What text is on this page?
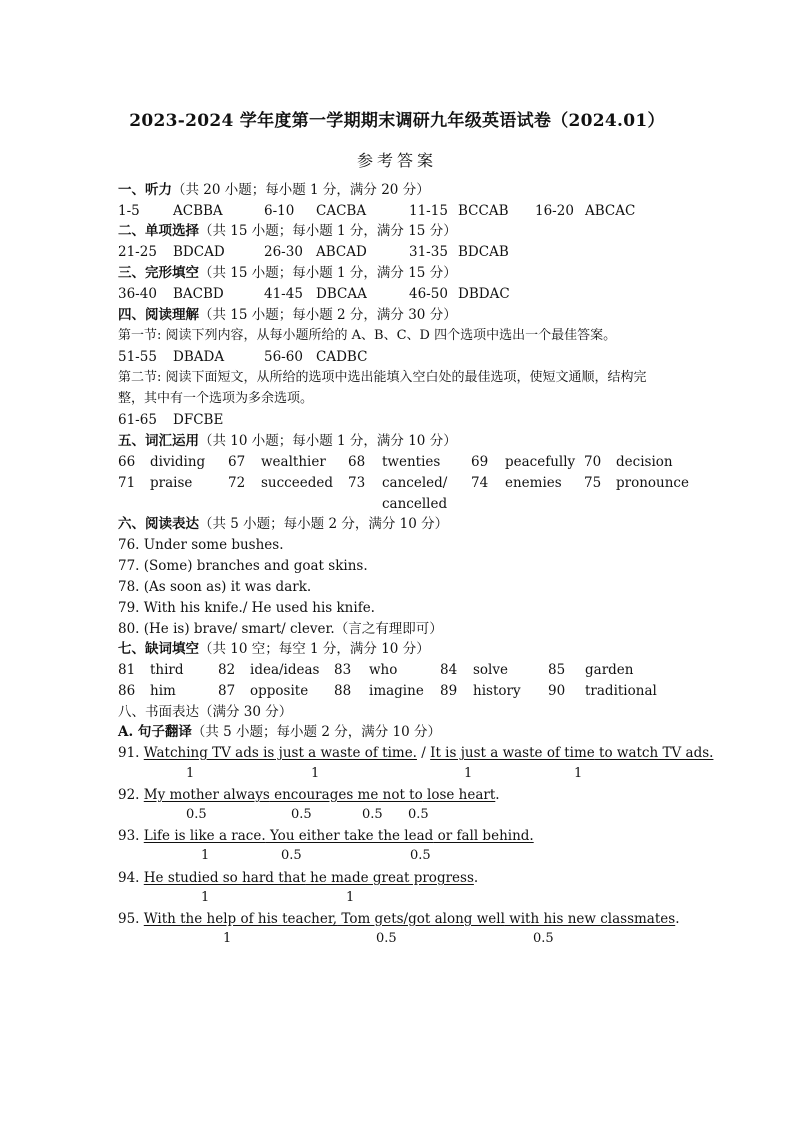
2023-2024 学年度第一学期期末调研九年级英语试卷（2024.01）
参考答案
一、听力（共 20 小题；每小题 1 分，满分 20 分）
1-5 ACBBA	6-10 CACBA	11-15 BCCAB 16-20 ABCAC
二、单项选择（共 15 小题；每小题 1 分，满分 15 分）
21-25 BDCAD	26-30 ABCAD	31-35 BDCAB
三、完形填空（共 15 小题；每小题 1 分，满分 15 分）
36-40 BACBD	41-45 DBCAA	46-50 DBDAC
四、阅读理解（共 15 小题；每小题 2 分，满分 30 分）
第一节: 阅读下列内容，从每小题所给的 A、B、C、D 四个选项中选出一个最佳答案。
51-55 DBADA	56-60 CADBC
第二节: 阅读下面短文，从所给的选项中选出能填入空白处的最佳选项，使短文通顺，结构完
整，其中有一个选项为多余选项。
61-65 DFCBE
五、词汇运用（共 10 小题；每小题 1 分，满分 10 分）
66 dividing 67 wealthier 68 twenties 69 peacefully 70 decision
71 praise	72 succeeded 73 canceled/ 74 enemies 75 pronounce
cancelled
六、阅读表达（共 5 小题；每小题 2 分，满分 10 分）
76. Under some bushes.
77. (Some) branches and goat skins.
78. (As soon as) it was dark.
79. With his knife./ He used his knife.
80. (He is) brave/ smart/ clever.（言之有理即可）
七、缺词填空（共 10 空；每空 1 分，满分 10 分）
81 third	82 idea/ideas 83 who	84 solve	85 garden
86 him	87 opposite 88 imagine 89 history 90 traditional
八、书面表达（满分 30 分）
A. 句子翻译（共 5 小题；每小题 2 分，满分 10 分）
91. Watching TV ads is just a waste of time. / It is just a waste of time to watch TV ads.
1	1	1	1
92. My mother always encourages me not to lose heart.
0.5	0.5	0.5 0.5
93. Life is like a race. You either take the lead or fall behind.
1	0.5	0.5
94. He studied so hard that he made great progress.
1	1
95. With the help of his teacher, Tom gets/got along well with his new classmates.
1	0.5	0.5
